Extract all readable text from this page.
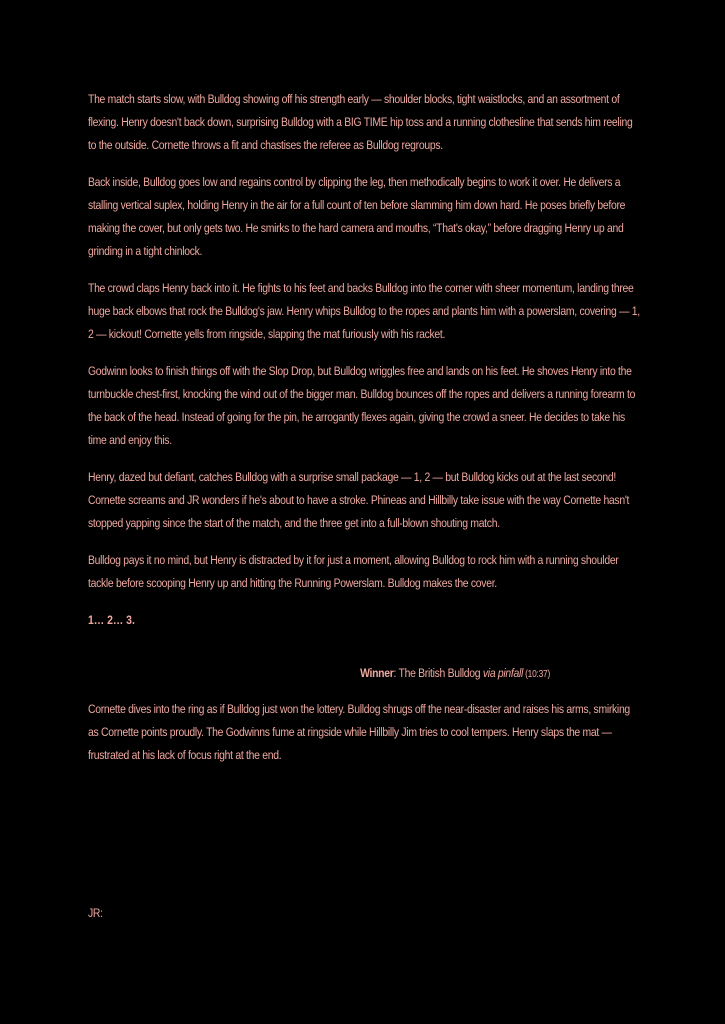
The match starts slow, with Bulldog showing off his strength early — shoulder blocks, tight waistlocks, and an assortment of flexing. Henry doesn't back down, surprising Bulldog with a BIG TIME hip toss and a running clothesline that sends him reeling to the outside. Cornette throws a fit and chastises the referee as Bulldog regroups.

Back inside, Bulldog goes low and regains control by clipping the leg, then methodically begins to work it over. He delivers a stalling vertical suplex, holding Henry in the air for a full count of ten before slamming him down hard. He poses briefly before making the cover, but only gets two. He smirks to the hard camera and mouths, “That's okay,” before dragging Henry up and grinding in a tight chinlock.

The crowd claps Henry back into it. He fights to his feet and backs Bulldog into the corner with sheer momentum, landing three huge back elbows that rock the Bulldog's jaw. Henry whips Bulldog to the ropes and plants him with a powerslam, covering — 1, 2 — kickout! Cornette yells from ringside, slapping the mat furiously with his racket.

Godwinn looks to finish things off with the Slop Drop, but Bulldog wriggles free and lands on his feet. He shoves Henry into the turnbuckle chest-first, knocking the wind out of the bigger man. Bulldog bounces off the ropes and delivers a running forearm to the back of the head. Instead of going for the pin, he arrogantly flexes again, giving the crowd a sneer. He decides to take his time and enjoy this.

Henry, dazed but defiant, catches Bulldog with a surprise small package — 1, 2 — but Bulldog kicks out at the last second! Cornette screams and JR wonders if he's about to have a stroke. Phineas and Hillbilly take issue with the way Cornette hasn't stopped yapping since the start of the match, and the three get into a full-blown shouting match.

Bulldog pays it no mind, but Henry is distracted by it for just a moment, allowing Bulldog to rock him with a running shoulder tackle before scooping Henry up and hitting the Running Powerslam. Bulldog makes the cover.

1… 2… 3.

Winner: The British Bulldog via pinfall (10:37)

Cornette dives into the ring as if Bulldog just won the lottery. Bulldog shrugs off the near-disaster and raises his arms, smirking as Cornette points proudly. The Godwinns fume at ringside while Hillbilly Jim tries to cool tempers. Henry slaps the mat — frustrated at his lack of focus right at the end.

JR:
